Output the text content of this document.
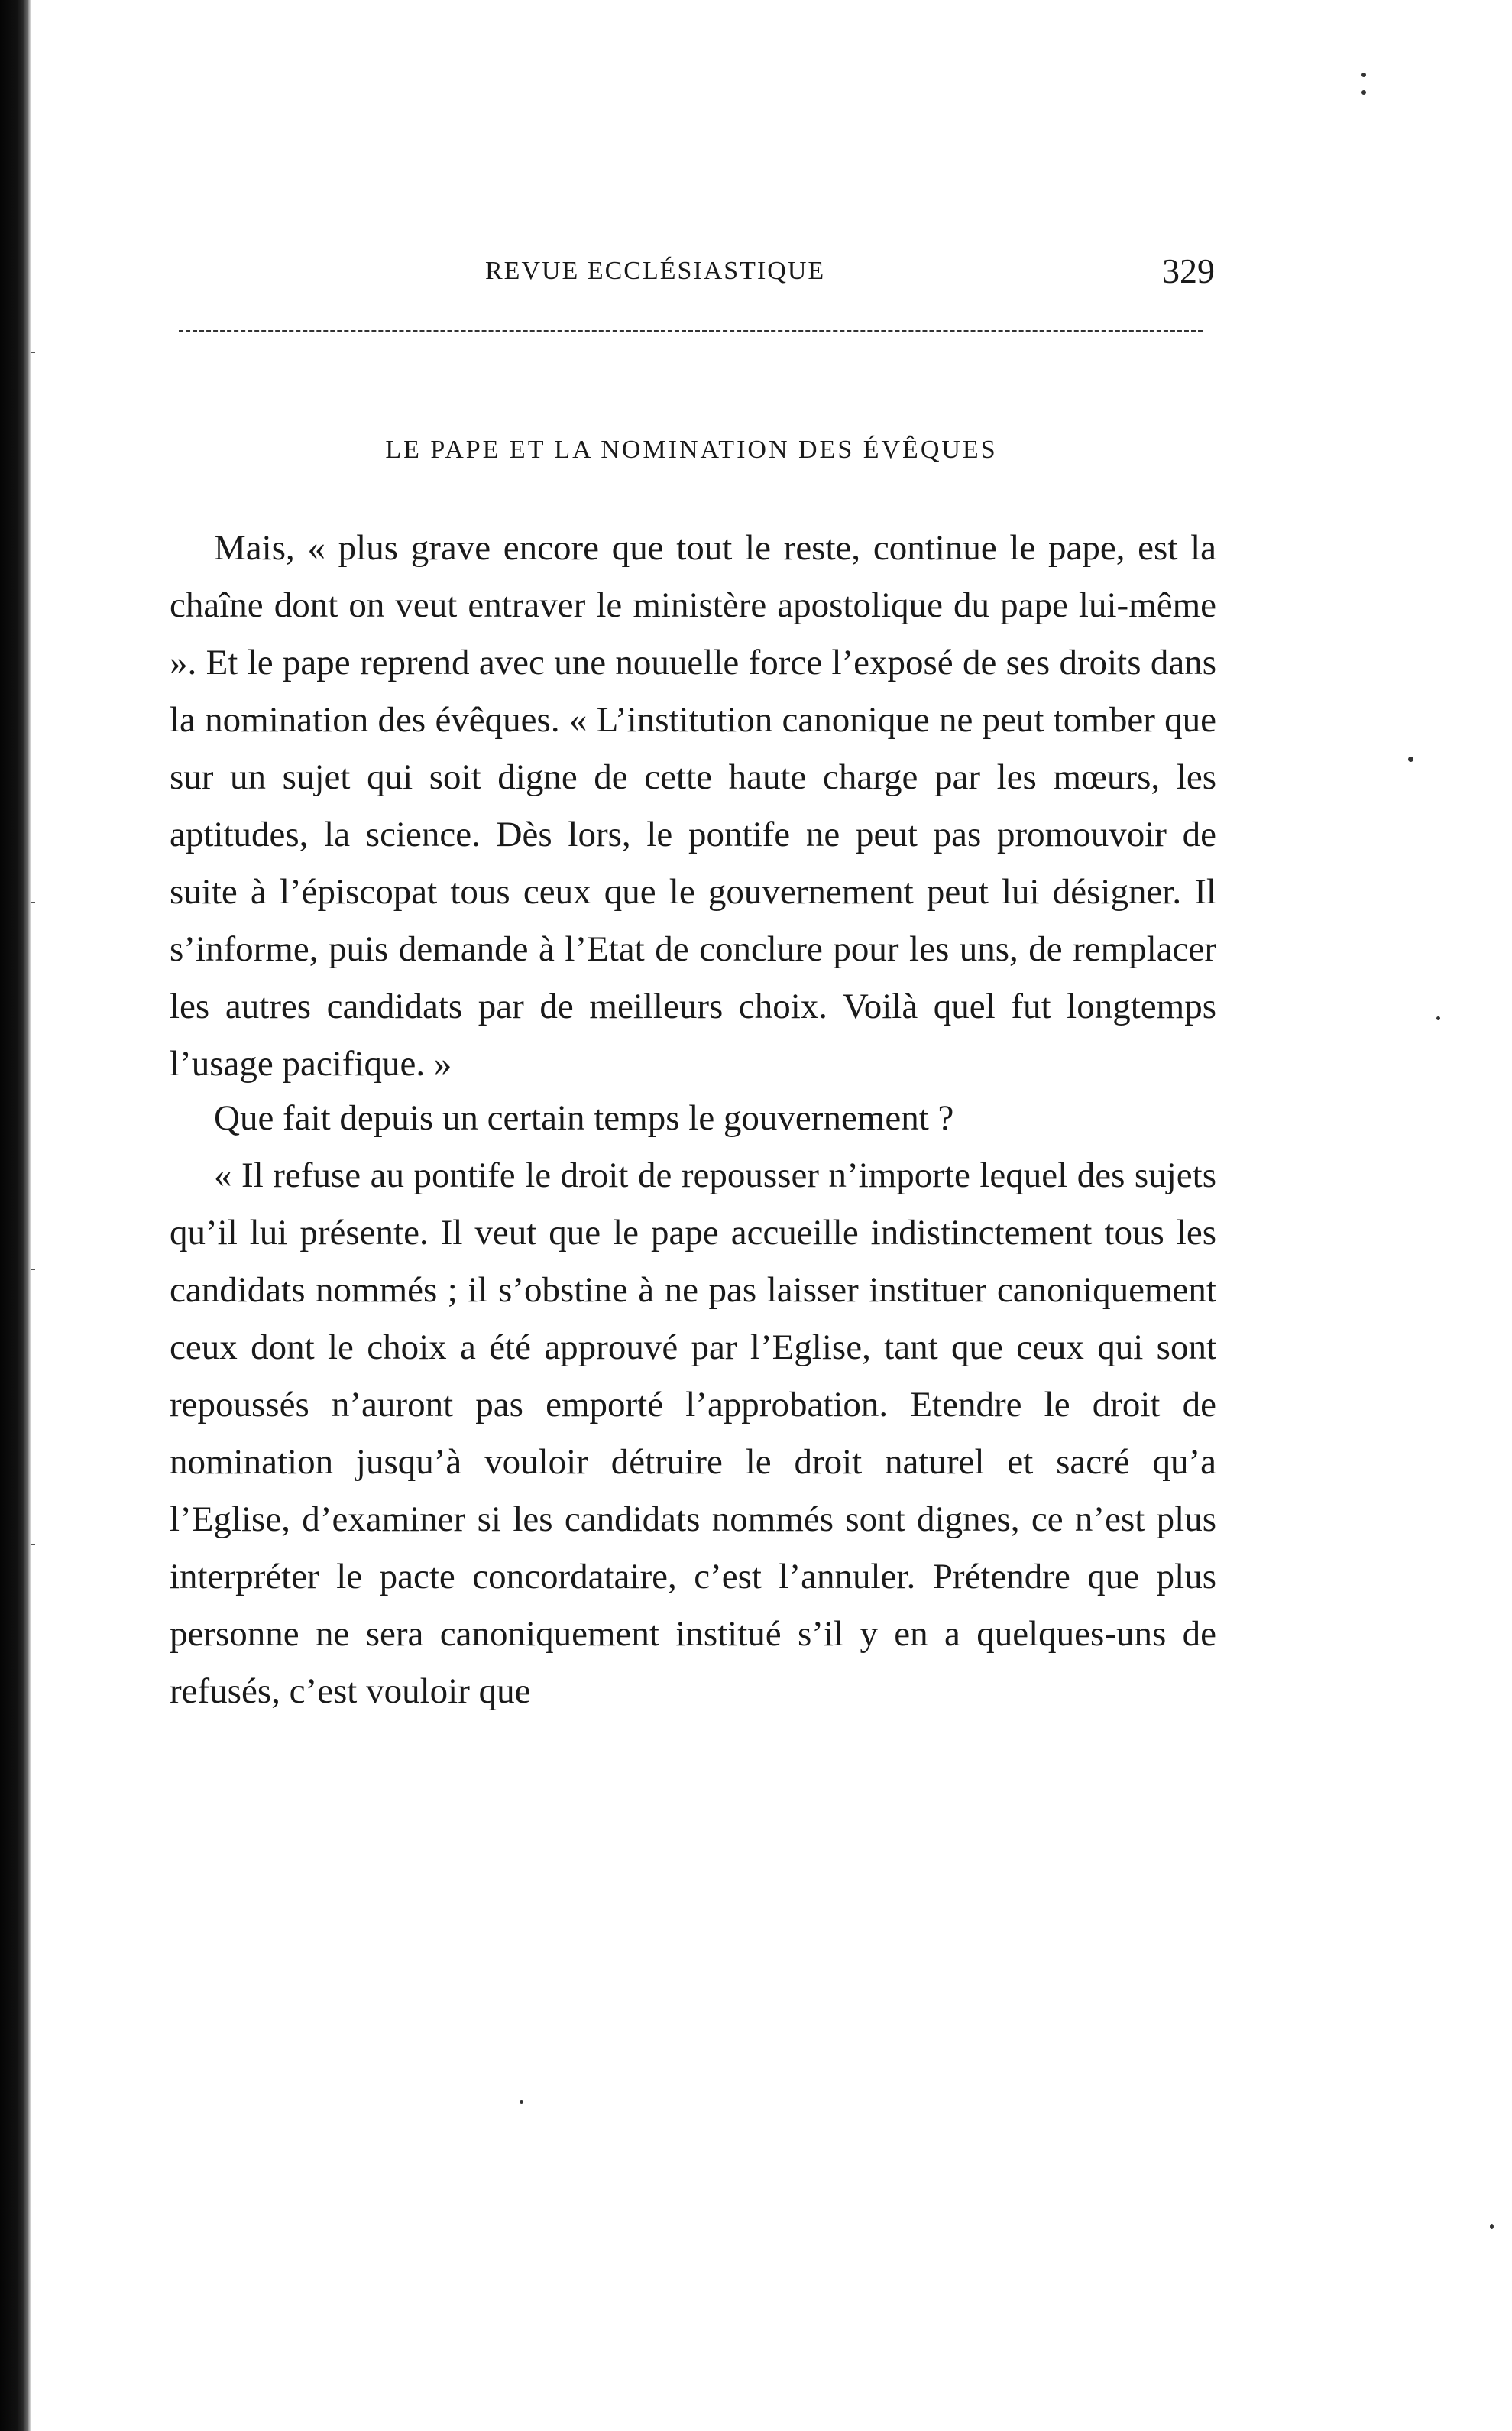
REVUE ECCLÉSIASTIQUE	329
LE PAPE ET LA NOMINATION DES ÉVÊQUES

Mais, « plus grave encore que tout le reste, continue le pape, est la chaîne dont on veut entraver le ministère apostolique du pape lui-même ». Et le pape reprend avec une nouuelle force l’exposé de ses droits dans la nomination des évêques. « L’institution canonique ne peut tomber que sur un sujet qui soit digne de cette haute charge par les mœurs, les aptitudes, la science. Dès lors, le pontife ne peut pas promouvoir de suite à l’épiscopat tous ceux que le gouvernement peut lui désigner. Il s’informe, puis demande à l’Etat de conclure pour les uns, de remplacer les autres candidats par de meilleurs choix. Voilà quel fut longtemps l’usage pacifique. »

Que fait depuis un certain temps le gouvernement ?

« Il refuse au pontife le droit de repousser n’importe lequel des sujets qu’il lui présente. Il veut que le pape accueille indistinctement tous les candidats nommés ; il s’obstine à ne pas laisser instituer canoniquement ceux dont le choix a été approuvé par l’Eglise, tant que ceux qui sont repoussés n’auront pas emporté l’approbation. Etendre le droit de nomination jusqu’à vouloir détruire le droit naturel et sacré qu’a l’Eglise, d’examiner si les candidats nommés sont dignes, ce n’est plus interpréter le pacte concordataire, c’est l’annuler. Prétendre que plus personne ne sera canoniquement institué s’il y en a quelques-uns de refusés, c’est vouloir que
